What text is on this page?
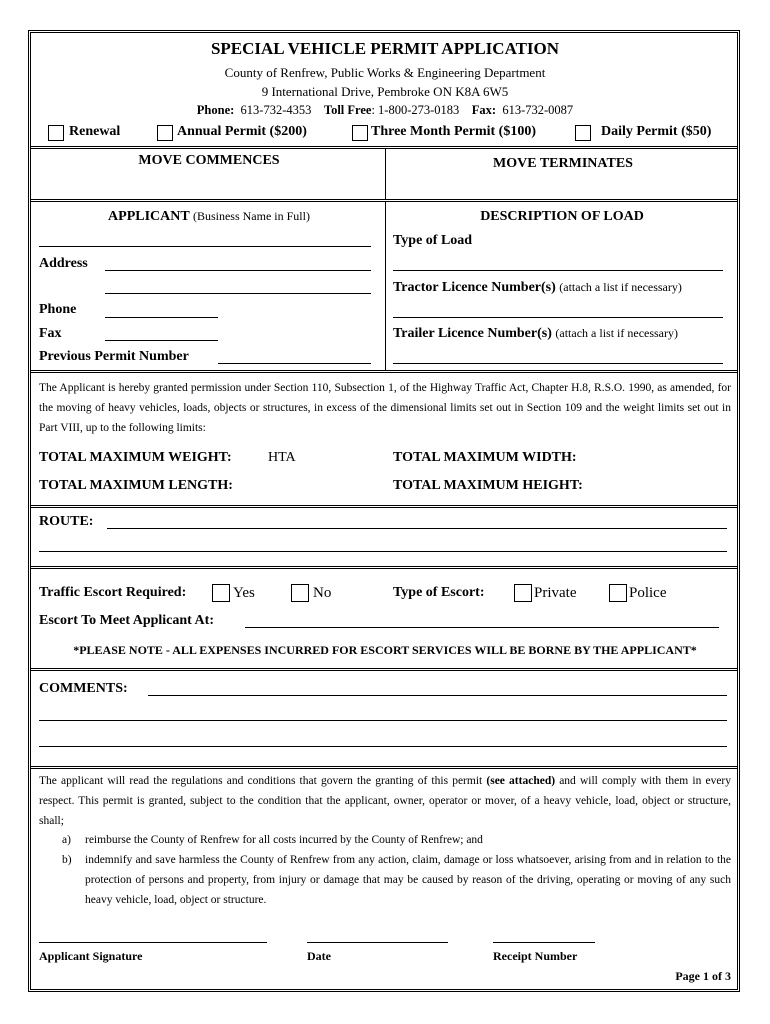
SPECIAL VEHICLE PERMIT APPLICATION
County of Renfrew, Public Works & Engineering Department
9 International Drive, Pembroke ON K8A 6W5
Phone: 613-732-4353 Toll Free: 1-800-273-0183 Fax: 613-732-0087
Renewal	Annual Permit ($200)	Three Month Permit ($100)	Daily Permit ($50)
MOVE COMMENCES	MOVE TERMINATES
APPLICANT (Business Name in Full)
Address
Phone
Fax
Previous Permit Number
DESCRIPTION OF LOAD
Type of Load
Tractor Licence Number(s) (attach a list if necessary)
Trailer Licence Number(s) (attach a list if necessary)
The Applicant is hereby granted permission under Section 110, Subsection 1, of the Highway Traffic Act, Chapter H.8, R.S.O. 1990, as amended, for the moving of heavy vehicles, loads, objects or structures, in excess of the dimensional limits set out in Section 109 and the weight limits set out in Part VIII, up to the following limits:
TOTAL MAXIMUM WEIGHT:	HTA	TOTAL MAXIMUM WIDTH:
TOTAL MAXIMUM LENGTH:	TOTAL MAXIMUM HEIGHT:
ROUTE:
Traffic Escort Required:	Yes	No	Type of Escort:	Private	Police
Escort To Meet Applicant At:
*PLEASE NOTE - ALL EXPENSES INCURRED FOR ESCORT SERVICES WILL BE BORNE BY THE APPLICANT*
COMMENTS:
The applicant will read the regulations and conditions that govern the granting of this permit (see attached) and will comply with them in every respect. This permit is granted, subject to the condition that the applicant, owner, operator or mover, of a heavy vehicle, load, object or structure, shall;
a) reimburse the County of Renfrew for all costs incurred by the County of Renfrew; and
b) indemnify and save harmless the County of Renfrew from any action, claim, damage or loss whatsoever, arising from and in relation to the protection of persons and property, from injury or damage that may be caused by reason of the driving, operating or moving of any such heavy vehicle, load, object or structure.
Applicant Signature	Date	Receipt Number
Page 1 of 3
